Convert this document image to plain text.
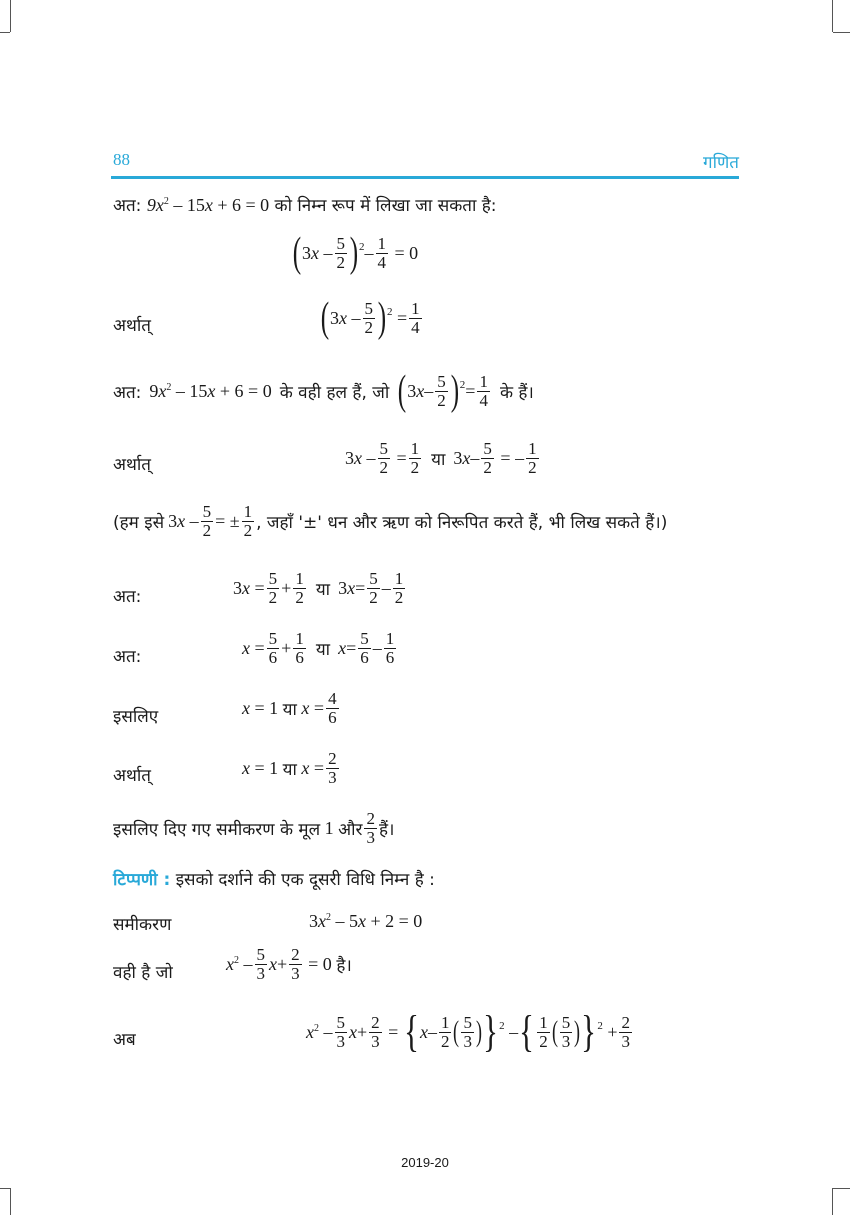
88	गणित
अत: $9x^2 - 15x + 6 = 0$ को निम्न रूप में लिखा जा सकता है:
( $3x - \frac{5}{2}$ ) $2 - \frac{1}{4} = 0$
अर्थात्	( $3x - \frac{5}{2}$ ) $2 = \frac{1}{4}$
अत: $9x^2 - 15x + 6 = 0$ के वही हल हैं, जो ( $3x- \frac{5}{2}$ ) $2 = \frac{1}{4}$ के हैं।
अर्थात्	$3x - \frac{5}{2} = \frac{1}{2}$ या $3x- \frac{5}{2}$ = – $\frac{1}{2}$
(हम इसे $3x - \frac{5}{2}$ = ± $\frac{1}{2}$ , जहाँ '±' धन और ऋण को निरूपित करते हैं, भी लिख सकते हैं।)
अत:	$3x = \frac{5}{2} + \frac{1}{2}$ या $3x= \frac{5}{2} - \frac{1}{2}$
अत:	$x = \frac{5}{6} + \frac{1}{6}$ या $x= \frac{5}{6} - \frac{1}{6}$
इसलिए	x = 1 या $x = \frac{4}{6}$
अर्थात्	x = 1 या $x = \frac{2}{3}$
इसलिए दिए गए समीकरण के मूल 1 और $\frac{2}{3}$ हैं।
टिप्पणी : इसको दर्शाने की एक दूसरी विधि निम्न है :
समीकरण	$3x^2 - 5x + 2 = 0$
वही है जो	$x^2 - \frac{5}{3}$ $x + \frac{2}{3} = 0$ है।
अब	$x^2 - \frac{5}{3}$ $x + \frac{2}{3}$ = { x – $\frac{1}{2}$ ( $\frac{5}{3}$ ) } 2 – { $\frac{1}{2}$ ( $\frac{5}{3}$ ) } $2 + \frac{2}{3}$
2019-20
